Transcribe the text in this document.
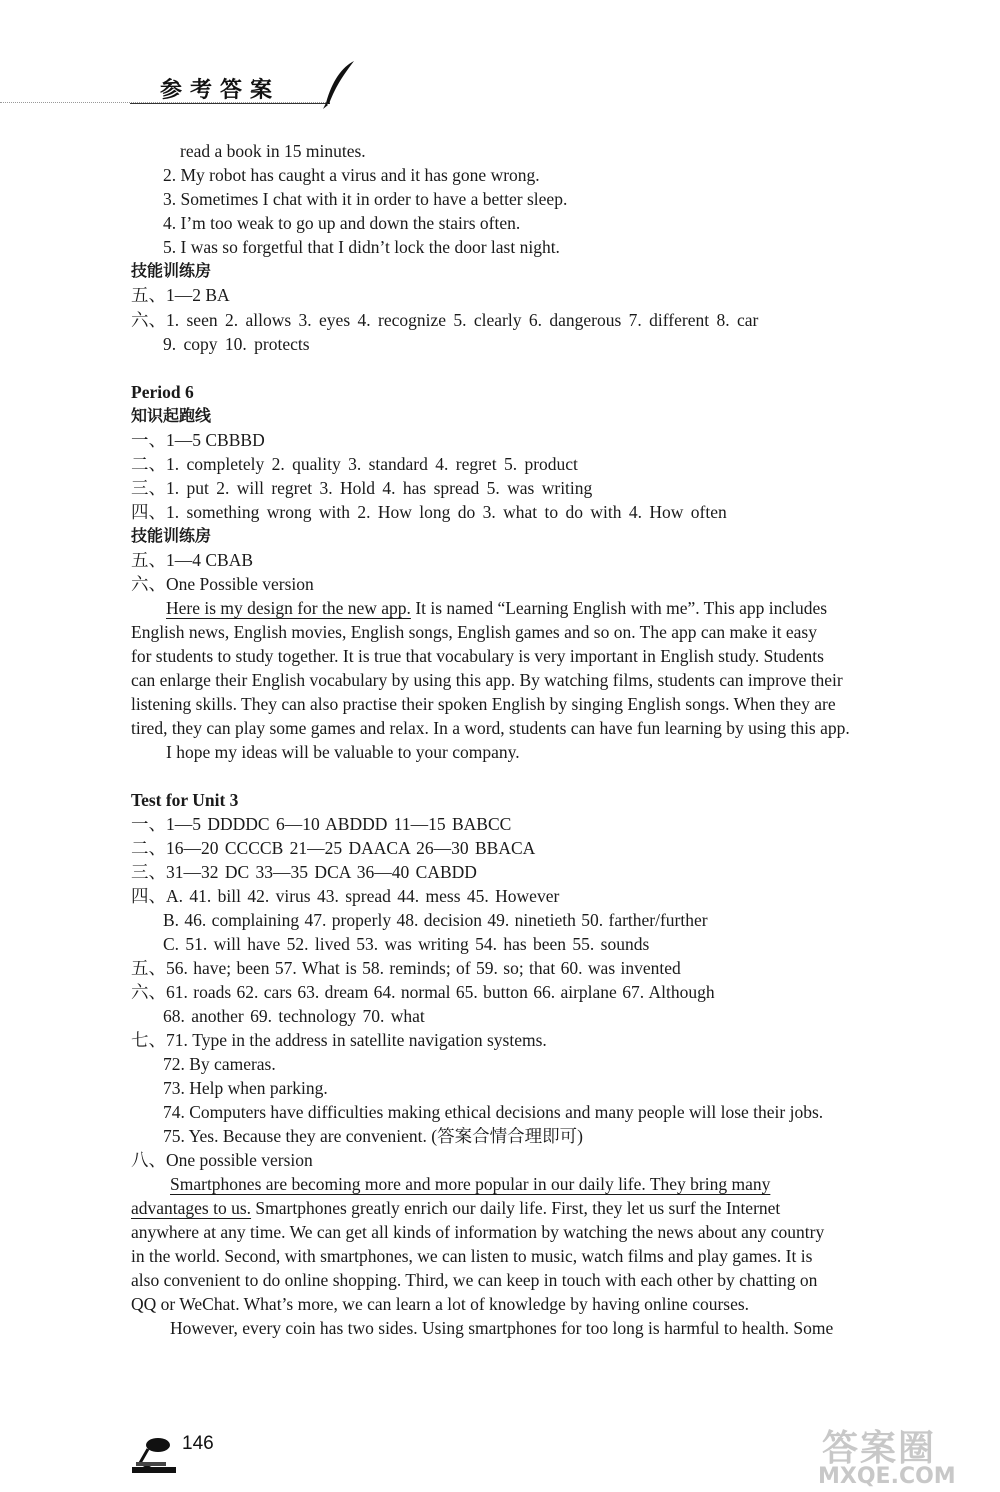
参考答案
read a book in 15 minutes.
2. My robot has caught a virus and it has gone wrong.
3. Sometimes I chat with it in order to have a better sleep.
4. I’m too weak to go up and down the stairs often.
5. I was so forgetful that I didn’t lock the door last night.
技能训练房
五、1—2 BA
六、1. seen 2. allows 3. eyes 4. recognize 5. clearly 6. dangerous 7. different 8. car
9. copy 10. protects
Period 6
知识起跑线
一、1—5 CBBBD
二、1. completely 2. quality 3. standard 4. regret 5. product
三、1. put 2. will regret 3. Hold 4. has spread 5. was writing
四、1. something wrong with 2. How long do 3. what to do with 4. How often
技能训练房
五、1—4 CBAB
六、One Possible version
Here is my design for the new app. It is named “Learning English with me”. This app includes
English news, English movies, English songs, English games and so on. The app can make it easy
for students to study together. It is true that vocabulary is very important in English study. Students
can enlarge their English vocabulary by using this app. By watching films, students can improve their
listening skills. They can also practise their spoken English by singing English songs. When they are
tired, they can play some games and relax. In a word, students can have fun learning by using this app.
I hope my ideas will be valuable to your company.
Test for Unit 3
一、1—5 DDDDC 6—10 ABDDD 11—15 BABCC
二、16—20 CCCCB 21—25 DAACA 26—30 BBACA
三、31—32 DC 33—35 DCA 36—40 CABDD
四、A. 41. bill 42. virus 43. spread 44. mess 45. However
B. 46. complaining 47. properly 48. decision 49. ninetieth 50. farther/further
C. 51. will have 52. lived 53. was writing 54. has been 55. sounds
五、56. have; been 57. What is 58. reminds; of 59. so; that 60. was invented
六、61. roads 62. cars 63. dream 64. normal 65. button 66. airplane 67. Although
68. another 69. technology 70. what
七、71. Type in the address in satellite navigation systems.
72. By cameras.
73. Help when parking.
74. Computers have difficulties making ethical decisions and many people will lose their jobs.
75. Yes. Because they are convenient. (答案合情合理即可)
八、One possible version
Smartphones are becoming more and more popular in our daily life. They bring many
advantages to us. Smartphones greatly enrich our daily life. First, they let us surf the Internet
anywhere at any time. We can get all kinds of information by watching the news about any country
in the world. Second, with smartphones, we can listen to music, watch films and play games. It is
also convenient to do online shopping. Third, we can keep in touch with each other by chatting on
QQ or WeChat. What’s more, we can learn a lot of knowledge by having online courses.
However, every coin has two sides. Using smartphones for too long is harmful to health. Some
146	答案圈
MXQE.COM
